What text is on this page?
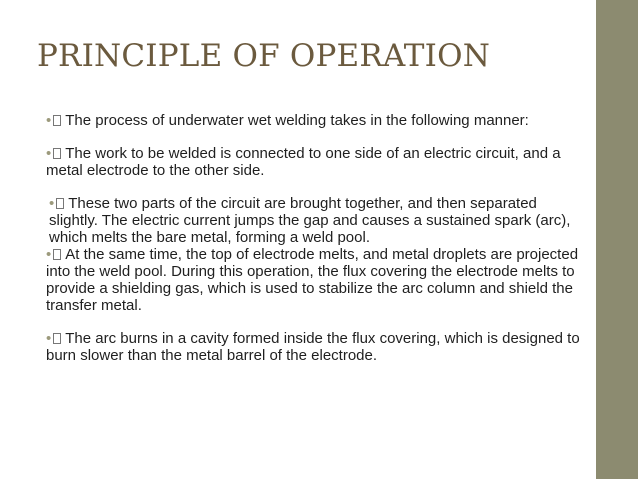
PRINCIPLE OF OPERATION
• The process of underwater wet welding takes in the following manner:
• The work to be welded is connected to one side of an electric circuit, and a metal electrode to the other side.
• These two parts of the circuit are brought together, and then separated slightly. The electric current jumps the gap and causes a sustained spark (arc), which melts the bare metal, forming a weld pool.
• At the same time, the top of electrode melts, and metal droplets are projected into the weld pool. During this operation, the flux covering the electrode melts to provide a shielding gas, which is used to stabilize the arc column and shield the transfer metal.
• The arc burns in a cavity formed inside the flux covering, which is designed to burn slower than the metal barrel of the electrode.
